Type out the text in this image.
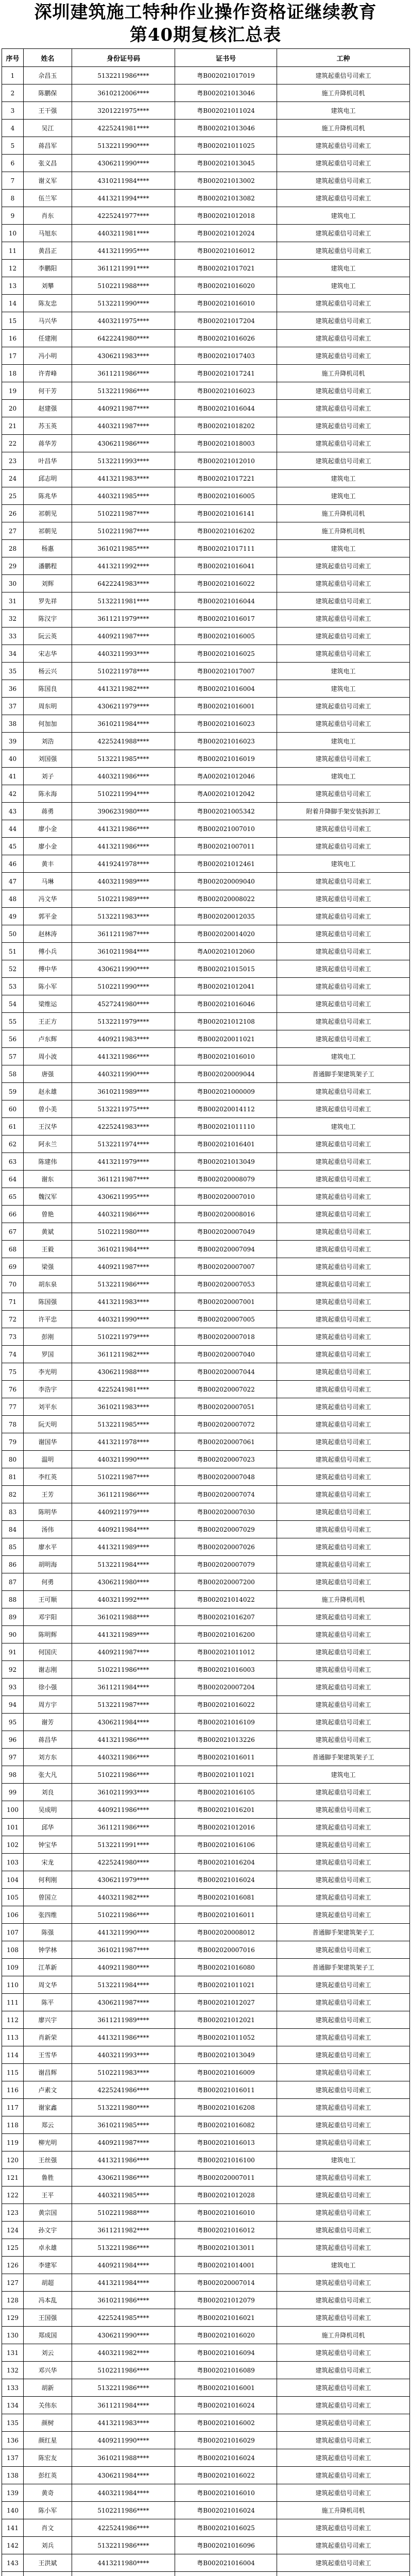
深圳建筑施工特种作业操作资格证继续教育
第40期复核汇总表
序号	姓名	身份证号码	证书号	工种
1	佘昌玉	5132211986****	粤B002021017019	建筑起重信号司索工
2	陈鹏保	3610212006****	粤B002021013046	施工升降机司机
3	王干强	3201221975****	粤B002021011024	建筑电工
4	吴江	4225241981****	粤B002021013046	施工升降机司机
5	蒋昌军	5132211990****	粤B002021011025	建筑起重信号司索工
6	张义昌	4306211990****	粤B002021013045	建筑起重信号司索工
7	谢义军	4310211984****	粤B002021013002	建筑起重信号司索工
8	伍兰军	4413211994****	粤B002021013082	建筑起重信号司索工
9	肖东	4225241977****	粤B002021012018	建筑电工
10	马旭东	4403211981****	粤B002021012024	建筑起重信号司索工
11	黄昌正	4413211995****	粤B002021016012	建筑起重信号司索工
12	李鹏阳	3611211991****	粤B002021017021	建筑电工
13	刘攀	5102211988****	粤B002021016020	建筑电工
14	陈友忠	5132211990****	粤B002021016010	建筑起重信号司索工
15	马兴华	4403211975****	粤B002021017204	建筑起重信号司索工
16	任建刚	6422241980****	粤B002021016026	建筑起重信号司索工
17	冯小明	4306211983****	粤B002021017403	建筑起重信号司索工
18	许青峰	3611211986****	粤B002021017241	施工升降机司机
19	何干芳	5132211986****	粤B002021016023	建筑起重信号司索工
20	赵建强	4409211987****	粤B002021016044	建筑起重信号司索工
21	苏玉英	4403211987****	粤B002021018202	建筑起重信号司索工
22	蒋华芳	4306211986****	粤B002021018003	建筑起重信号司索工
23	叶昌华	5132211993****	粤B002021012010	建筑起重信号司索工
24	邱志明	4413211983****	粤B002021017221	建筑电工
25	陈兆华	4403211985****	粤B002021016005	建筑电工
26	祁朝见	5102211987****	粤B002021016141	施工升降机司机
27	祁朝见	5102211987****	粤B002021016202	施工升降机司机
28	杨惠	3610211985****	粤B002021017111	建筑电工
29	潘鹏程	4413211992****	粤B002021016041	建筑起重信号司索工
30	刘辉	6422241983****	粤B002021016022	建筑起重信号司索工
31	罗先祥	5132211981****	粤B002021016044	建筑起重信号司索工
32	陈汉宇	3611211979****	粤B002021016017	建筑起重信号司索工
33	阮云英	4409211987****	粤B002021016005	建筑起重信号司索工
34	宋志华	4403211993****	粤B002021016025	建筑起重信号司索工
35	杨云兴	5102211978****	粤B002021017007	建筑电工
36	陈国良	4413211982****	粤B002021016004	建筑电工
37	周东明	4306211979****	粤B002021016001	建筑起重信号司索工
38	何加加	3610211984****	粤B002021016023	建筑起重信号司索工
39	刘浩	4225241988****	粤B002021016023	建筑电工
40	刘国强	5132211985****	粤B002021016019	建筑起重信号司索工
41	刘子	4403211986****	粤A002021012046	建筑电工
42	陈永海	5102211994****	粤A002021012042	建筑起重信号司索工
43	蒋勇	3906231980****	粤B002021005342	附着升降脚手架安装拆卸工
44	廖小金	4413211986****	粤B002021007010	建筑起重信号司索工
45	廖小金	4413211986****	粤B002021007011	建筑起重信号司索工
46	黄丰	4419241978****	粤B002021012461	建筑电工
47	马琳	4403211989****	粤B002020009040	建筑起重信号司索工
48	冯文华	5102211989****	粤B002020008022	建筑起重信号司索工
49	郭平金	5132211983****	粤B002020012035	建筑起重信号司索工
50	赵林涛	3611211987****	粤B002020014020	建筑起重信号司索工
51	傅小兵	3610211984****	粤A002021012060	建筑起重信号司索工
52	傅中华	4306211990****	粤B002021015015	建筑起重信号司索工
53	陈小军	5102211990****	粤B002021012041	建筑起重信号司索工
54	梁维运	4527241980****	粤B002021016046	建筑起重信号司索工
55	王正方	5132211979****	粤B002021012108	建筑起重信号司索工
56	卢东辉	4409211983****	粤B002020011021	建筑起重信号司索工
57	周小波	4413211986****	粤B002021016010	建筑电工
58	唐强	4403211990****	粤B002020009044	普通脚手架建筑架子工
59	赵永雄	3610211989****	粤B002021000009	建筑起重信号司索工
60	曾小美	5132211975****	粤B002020014112	建筑起重信号司索工
61	王汉华	4225241983****	粤B002021011110	建筑电工
62	阿永兰	5132211974****	粤B002021016401	建筑起重信号司索工
63	陈建伟	4413211979****	粤B002021013049	建筑起重信号司索工
64	谢东	3611211987****	粤B002020008079	建筑起重信号司索工
65	魏汉军	4306211995****	粤B002020007010	建筑起重信号司索工
66	曾艳	4403211986****	粤B002020008016	建筑起重信号司索工
67	黄斌	5102211980****	粤B002020007049	建筑起重信号司索工
68	王毅	3610211984****	粤B002020007094	建筑起重信号司索工
69	梁强	4409211987****	粤B002020007007	建筑起重信号司索工
70	胡东泉	5132211986****	粤B002020007053	建筑起重信号司索工
71	陈国强	4413211983****	粤B002020007001	建筑起重信号司索工
72	许平忠	4403211990****	粤B002020007005	建筑起重信号司索工
73	彭刚	5102211979****	粤B002020007018	建筑起重信号司索工
74	罗国	3611211982****	粤B002020007040	建筑起重信号司索工
75	李光明	4306211988****	粤B002020007044	建筑起重信号司索工
76	李浩宇	4225241981****	粤B002020007022	建筑起重信号司索工
77	刘平东	3610211983****	粤B002020007051	建筑起重信号司索工
78	阮天明	5132211985****	粤B002020007072	建筑起重信号司索工
79	谢国华	4413211978****	粤B002020007061	建筑起重信号司索工
80	温明	4403211990****	粤B002020007023	建筑起重信号司索工
81	李红英	5102211987****	粤B002020007048	建筑起重信号司索工
82	王芳	3611211986****	粤B002020007074	建筑起重信号司索工
83	陈明华	4409211979****	粤B002020007030	建筑起重信号司索工
84	汤伟	4409211984****	粤B002020007029	建筑起重信号司索工
85	廖水平	4413211989****	粤B002020007026	建筑起重信号司索工
86	胡明海	5132211984****	粤B002020007079	建筑起重信号司索工
87	何勇	4306211980****	粤B002020007200	建筑起重信号司索工
88	王可顺	4403211992****	粤B002021014022	施工升降机司机
89	邓宇阳	3610211988****	粤B002021016207	建筑起重信号司索工
90	陈明辉	4413211989****	粤B002021016200	建筑起重信号司索工
91	何国庆	4409211987****	粤B002021011012	建筑起重信号司索工
92	谢志刚	5102211986****	粤B002021016003	建筑起重信号司索工
93	徐小强	3611211984****	粤B002020007204	建筑起重信号司索工
94	周方宇	5132211987****	粤B002021016022	建筑起重信号司索工
95	谢芳	4306211984****	粤B002021016109	建筑起重信号司索工
96	蒋昌华	4413211986****	粤B002021013226	建筑起重信号司索工
97	刘方东	4403211986****	粤B002021016011	普通脚手架建筑架子工
98	张大凡	5102211986****	粤B002021011021	建筑电工
99	刘良	3610211993****	粤B002021016105	建筑起重信号司索工
100	吴成明	4409211986****	粤B002021016201	建筑起重信号司索工
101	邱华	3611211986****	粤B002021012016	建筑起重信号司索工
102	钟宝华	5132211991****	粤B002021016106	建筑起重信号司索工
103	宋龙	4225241980****	粤B002021016204	建筑起重信号司索工
104	何利刚	4306211979****	粤B002021016024	建筑起重信号司索工
105	曾国立	4403211982****	粤B002021016081	建筑起重信号司索工
106	张四维	5102211986****	粤B002021016011	建筑起重信号司索工
107	陈强	4413211990****	粤B002020008012	普通脚手架建筑架子工
108	钟学林	3610211987****	粤B002020007016	建筑起重信号司索工
109	江革新	4409211980****	粤B002021016080	普通脚手架建筑架子工
110	周文华	5132211984****	粤B002021011021	建筑起重信号司索工
111	陈平	4306211987****	粤B002021012027	建筑起重信号司索工
112	廖兴宇	3611211989****	粤B002021012021	建筑起重信号司索工
113	肖新荣	4413211986****	粤B002021011052	建筑起重信号司索工
114	王雪华	4403211993****	粤B002021013049	建筑起重信号司索工
115	谢昌辉	5102211983****	粤B002021016009	建筑起重信号司索工
116	卢素文	4225241986****	粤B002021016011	建筑起重信号司索工
117	谢家鑫	5132211980****	粤B002021016208	建筑起重信号司索工
118	郑云	3610211985****	粤B002021016082	建筑起重信号司索工
119	柳光明	4409211987****	粤B002021016013	建筑起重信号司索工
120	王丝强	4413211986****	粤B002021016100	建筑电工
121	鲁胜	4306211986****	粤B002020007011	建筑起重信号司索工
122	王平	4403211985****	粤B002021012028	建筑起重信号司索工
123	黄宗国	5102211988****	粤B002021016010	建筑起重信号司索工
124	孙文宇	3611211982****	粤B002021016012	建筑起重信号司索工
125	卓永雄	5132211986****	粤B002021013011	建筑起重信号司索工
126	李建军	4409211984****	粤B002021014001	建筑电工
127	胡超	4413211984****	粤B002020007014	建筑起重信号司索工
128	冯本乱	3610211986****	粤B002021012079	建筑起重信号司索工
129	王国强	4225241985****	粤B002021016021	建筑起重信号司索工
130	郑成国	4306211990****	粤B002021016020	施工升降机司机
131	刘云	4403211982****	粤B002021016094	建筑起重信号司索工
132	邓兴华	5102211986****	粤B002021016089	建筑起重信号司索工
133	胡新	5132211986****	粤B002021016001	建筑起重信号司索工
134	关伟东	3611211984****	粤B002021016024	建筑起重信号司索工
135	颜树	4413211983****	粤B002021016002	建筑起重信号司索工
136	颜红星	4409211990****	粤B002021016029	建筑起重信号司索工
137	陈宏友	3610211988****	粤B002021016024	建筑起重信号司索工
138	彭红英	4306211984****	粤B002021016022	建筑起重信号司索工
139	黄奇	4403211984****	粤B002021016010	建筑起重信号司索工
140	陈小军	5102211986****	粤B002021016024	施工升降机司机
141	肖文	4225241986****	粤B002021016025	建筑起重信号司索工
142	刘兵	5132211986****	粤B002021016096	建筑起重信号司索工
143	王洪斌	4413211980****	粤B002021016004	建筑起重信号司索工
